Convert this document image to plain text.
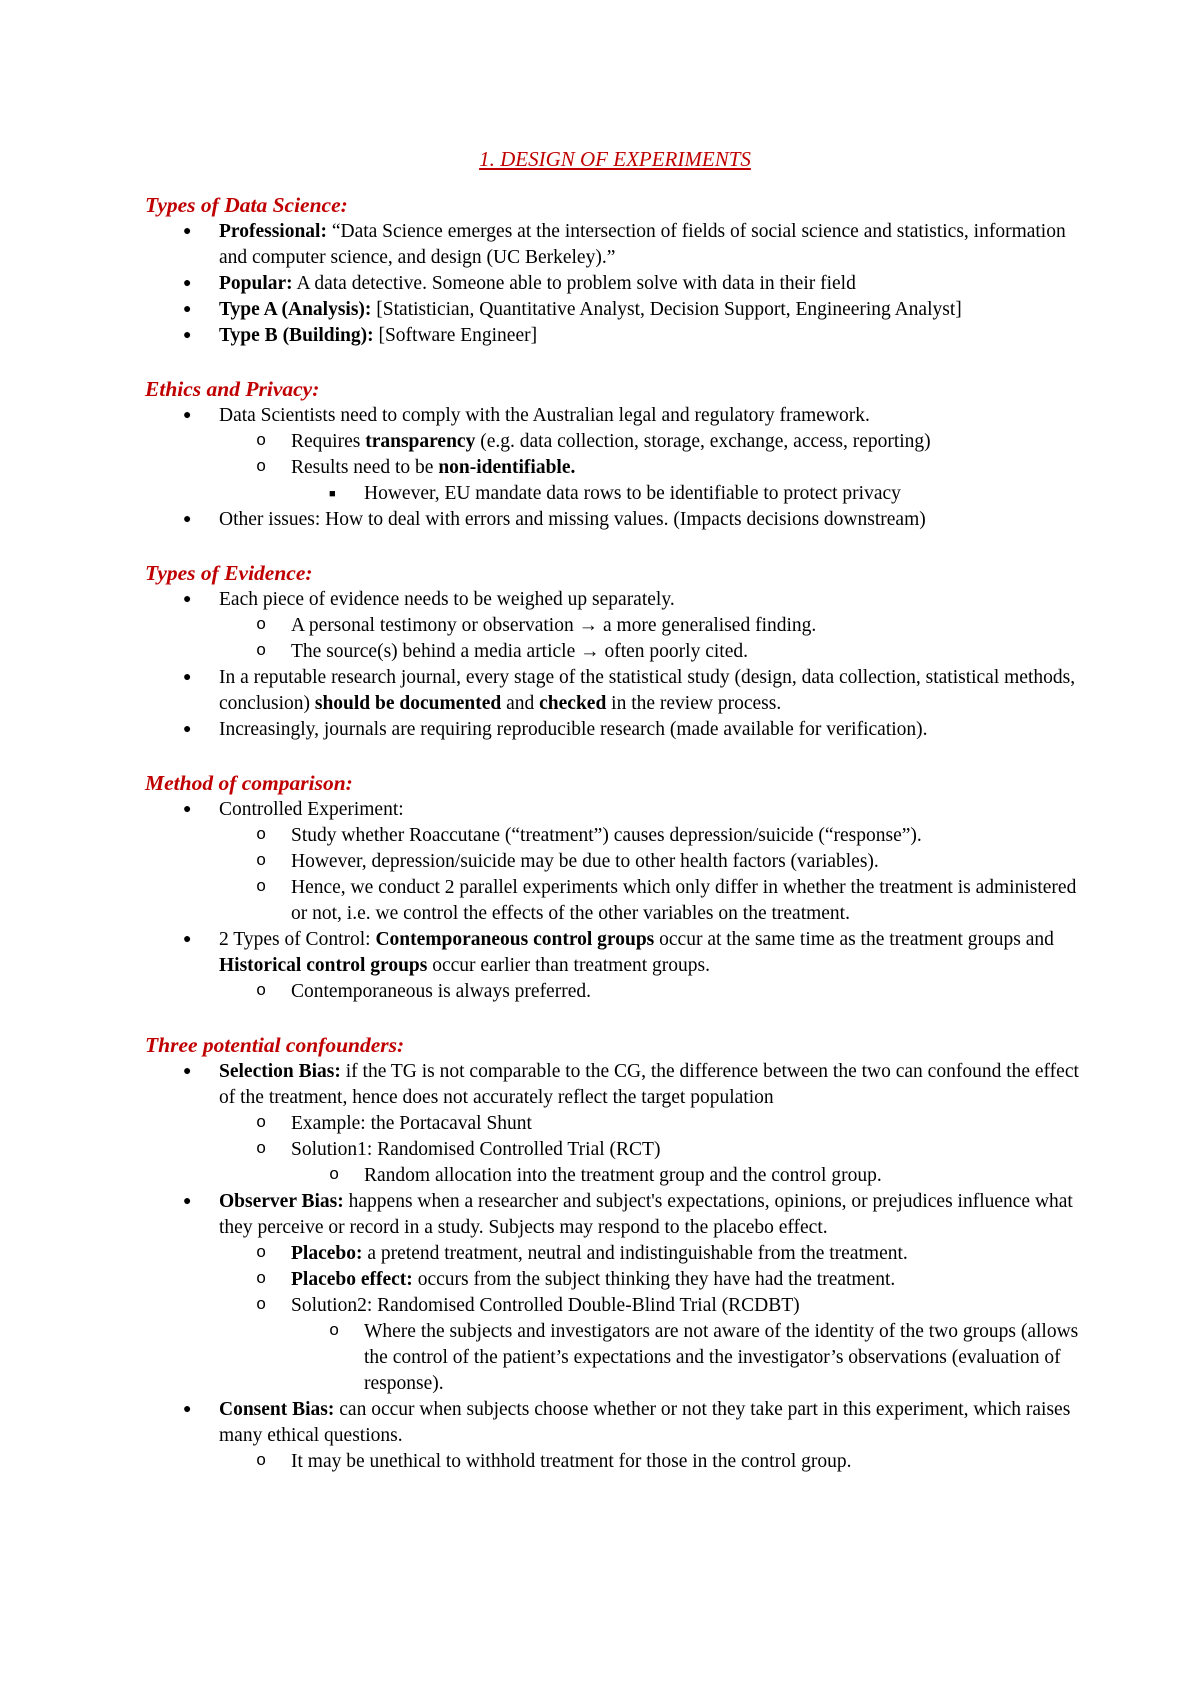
1. DESIGN OF EXPERIMENTS
Types of Data Science:
● Professional: “Data Science emerges at the intersection of fields of social science and statistics, information and computer science, and design (UC Berkeley).”
● Popular: A data detective. Someone able to problem solve with data in their field
● Type A (Analysis): [Statistician, Quantitative Analyst, Decision Support, Engineering Analyst]
● Type B (Building): [Software Engineer]
Ethics and Privacy:
● Data Scientists need to comply with the Australian legal and regulatory framework.
o Requires transparency (e.g. data collection, storage, exchange, access, reporting)
o Results need to be non-identifiable.
■ However, EU mandate data rows to be identifiable to protect privacy
● Other issues: How to deal with errors and missing values. (Impacts decisions downstream)
Types of Evidence:
● Each piece of evidence needs to be weighed up separately.
o A personal testimony or observation → a more generalised finding.
o The source(s) behind a media article → often poorly cited.
● In a reputable research journal, every stage of the statistical study (design, data collection, statistical methods, conclusion) should be documented and checked in the review process.
● Increasingly, journals are requiring reproducible research (made available for verification).
Method of comparison:
● Controlled Experiment:
o Study whether Roaccutane (“treatment”) causes depression/suicide (“response”).
o However, depression/suicide may be due to other health factors (variables).
o Hence, we conduct 2 parallel experiments which only differ in whether the treatment is administered or not, i.e. we control the effects of the other variables on the treatment.
● 2 Types of Control: Contemporaneous control groups occur at the same time as the treatment groups and Historical control groups occur earlier than treatment groups.
o Contemporaneous is always preferred.
Three potential confounders:
● Selection Bias: if the TG is not comparable to the CG, the difference between the two can confound the effect of the treatment, hence does not accurately reflect the target population
o Example: the Portacaval Shunt
o Solution1: Randomised Controlled Trial (RCT)
o Random allocation into the treatment group and the control group.
● Observer Bias: happens when a researcher and subject's expectations, opinions, or prejudices influence what they perceive or record in a study. Subjects may respond to the placebo effect.
o Placebo: a pretend treatment, neutral and indistinguishable from the treatment.
o Placebo effect: occurs from the subject thinking they have had the treatment.
o Solution2: Randomised Controlled Double-Blind Trial (RCDBT)
o Where the subjects and investigators are not aware of the identity of the two groups (allows the control of the patient’s expectations and the investigator’s observations (evaluation of response).
● Consent Bias: can occur when subjects choose whether or not they take part in this experiment, which raises many ethical questions.
o It may be unethical to withhold treatment for those in the control group.
